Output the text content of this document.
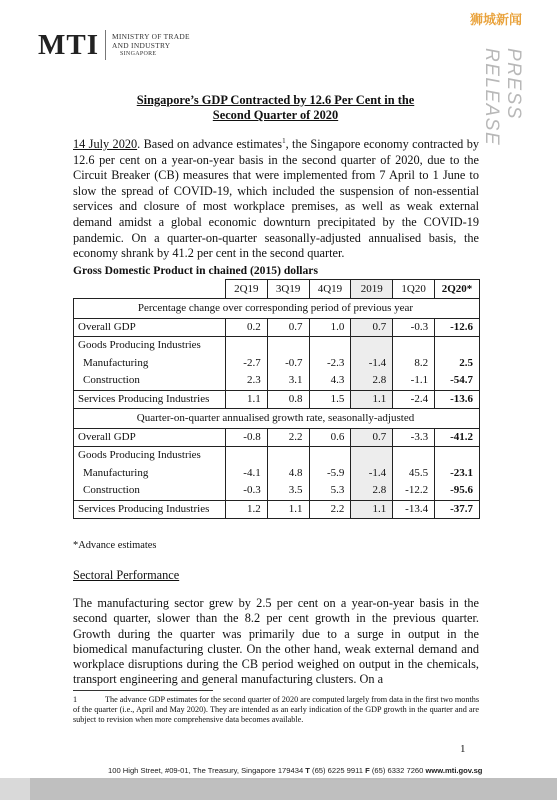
MTI MINISTRY OF TRADE
AND INDUSTRY
SINGAPORE
狮城新闻
PRESS RELEASE
Singapore’s GDP Contracted by 12.6 Per Cent in the
Second Quarter of 2020
14 July 2020. Based on advance estimates$^1$, the Singapore economy contracted by 12.6 per cent on a year-on-year basis in the second quarter of 2020, due to the Circuit Breaker (CB) measures that were implemented from 7 April to 1 June to slow the spread of COVID-19, which included the suspension of non-essential services and closure of most workplace premises, as well as weak external demand amidst a global economic downturn precipitated by the COVID-19 pandemic. On a quarter-on-quarter seasonally-adjusted annualised basis, the economy shrank by 41.2 per cent in the second quarter.
Gross Domestic Product in chained (2015) dollars
	2Q19	3Q19	4Q19	2019	1Q20	2Q20*
Percentage change over corresponding period of previous year						
Overall GDP	0.2	0.7	1.0	0.7	-0.3	-12.6
Goods Producing Industries						
Manufacturing	-2.7	-0.7	-2.3	-1.4	8.2	2.5
Construction	2.3	3.1	4.3	2.8	-1.1	-54.7
Services Producing Industries	1.1	0.8	1.5	1.1	-2.4	-13.6
Quarter-on-quarter annualised growth rate, seasonally-adjusted						
Overall GDP	-0.8	2.2	0.6	0.7	-3.3	-41.2
Goods Producing Industries						
Manufacturing	-4.1	4.8	-5.9	-1.4	45.5	-23.1
Construction	-0.3	3.5	5.3	2.8	-12.2	-95.6
Services Producing Industries	1.2	1.1	2.2	1.1	-13.4	-37.7
*Advance estimates
Sectoral Performance
The manufacturing sector grew by 2.5 per cent on a year-on-year basis in the second quarter, slower than the 8.2 per cent growth in the previous quarter. Growth during the quarter was primarily due to a surge in output in the biomedical manufacturing cluster. On the other hand, weak external demand and workplace disruptions during the CB period weighed on output in the chemicals, transport engineering and general manufacturing clusters. On a
1	The advance GDP estimates for the second quarter of 2020 are computed largely from data in the first two months of the quarter (i.e., April and May 2020). They are intended as an early indication of the GDP growth in the quarter and are subject to revision when more comprehensive data becomes available.
1
100 High Street, #09-01, The Treasury, Singapore 179434 T (65) 6225 9911 F (65) 6332 7260 www.mti.gov.sg
